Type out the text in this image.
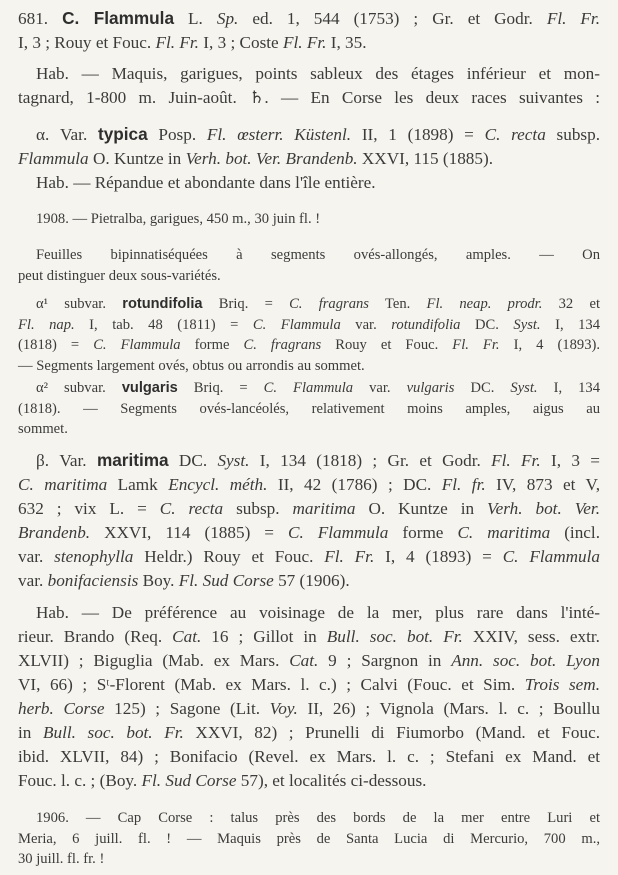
681. C. Flammula L. Sp. ed. 1, 544 (1753) ; Gr. et Godr. Fl. Fr.
I, 3 ; Rouy et Fouc. Fl. Fr. I, 3 ; Coste Fl. Fr. I, 35.
Hab. — Maquis, garigues, points sableux des étages inférieur et mon-
tagnard, 1-800 m. Juin-août. ♄. — En Corse les deux races suivantes :
α. Var. typica Posp. Fl. œsterr. Küstenl. II, 1 (1898) = C. recta subsp.
Flammula O. Kuntze in Verh. bot. Ver. Brandenb. XXVI, 115 (1885).
Hab. — Répandue et abondante dans l'île entière.
1908. — Pietralba, garigues, 450 m., 30 juin fl. !
Feuilles bipinnatiséquées à segments ovés-allongés, amples. — On
peut distinguer deux sous-variétés.
α¹ subvar. rotundifolia Briq. = C. fragrans Ten. Fl. neap. prodr. 32 et
Fl. nap. I, tab. 48 (1811) = C. Flammula var. rotundifolia DC. Syst. I, 134
(1818) = C. Flammula forme C. fragrans Rouy et Fouc. Fl. Fr. I, 4 (1893).
— Segments largement ovés, obtus ou arrondis au sommet.
α² subvar. vulgaris Briq. = C. Flammula var. vulgaris DC. Syst. I, 134
(1818). — Segments ovés-lancéolés, relativement moins amples, aigus au
sommet.
β. Var. maritima DC. Syst. I, 134 (1818) ; Gr. et Godr. Fl. Fr. I, 3 =
C. maritima Lamk Encycl. méth. II, 42 (1786) ; DC. Fl. fr. IV, 873 et V,
632 ; vix L. = C. recta subsp. maritima O. Kuntze in Verh. bot. Ver.
Brandenb. XXVI, 114 (1885) = C. Flammula forme C. maritima (incl.
var. stenophylla Heldr.) Rouy et Fouc. Fl. Fr. I, 4 (1893) = C. Flammula
var. bonifaciensis Boy. Fl. Sud Corse 57 (1906).
Hab. — De préférence au voisinage de la mer, plus rare dans l'inté-
rieur. Brando (Req. Cat. 16 ; Gillot in Bull. soc. bot. Fr. XXIV, sess. extr.
XLVII) ; Biguglia (Mab. ex Mars. Cat. 9 ; Sargnon in Ann. soc. bot. Lyon
VI, 66) ; Sᵗ-Florent (Mab. ex Mars. l. c.) ; Calvi (Fouc. et Sim. Trois sem.
herb. Corse 125) ; Sagone (Lit. Voy. II, 26) ; Vignola (Mars. l. c. ; Boullu
in Bull. soc. bot. Fr. XXVI, 82) ; Prunelli di Fiumorbo (Mand. et Fouc.
ibid. XLVII, 84) ; Bonifacio (Revel. ex Mars. l. c. ; Stefani ex Mand. et
Fouc. l. c. ; (Boy. Fl. Sud Corse 57), et localités ci-dessous.
1906. — Cap Corse : talus près des bords de la mer entre Luri et
Meria, 6 juill. fl. ! — Maquis près de Santa Lucia di Mercurio, 700 m.,
30 juill. fl. fr. !
